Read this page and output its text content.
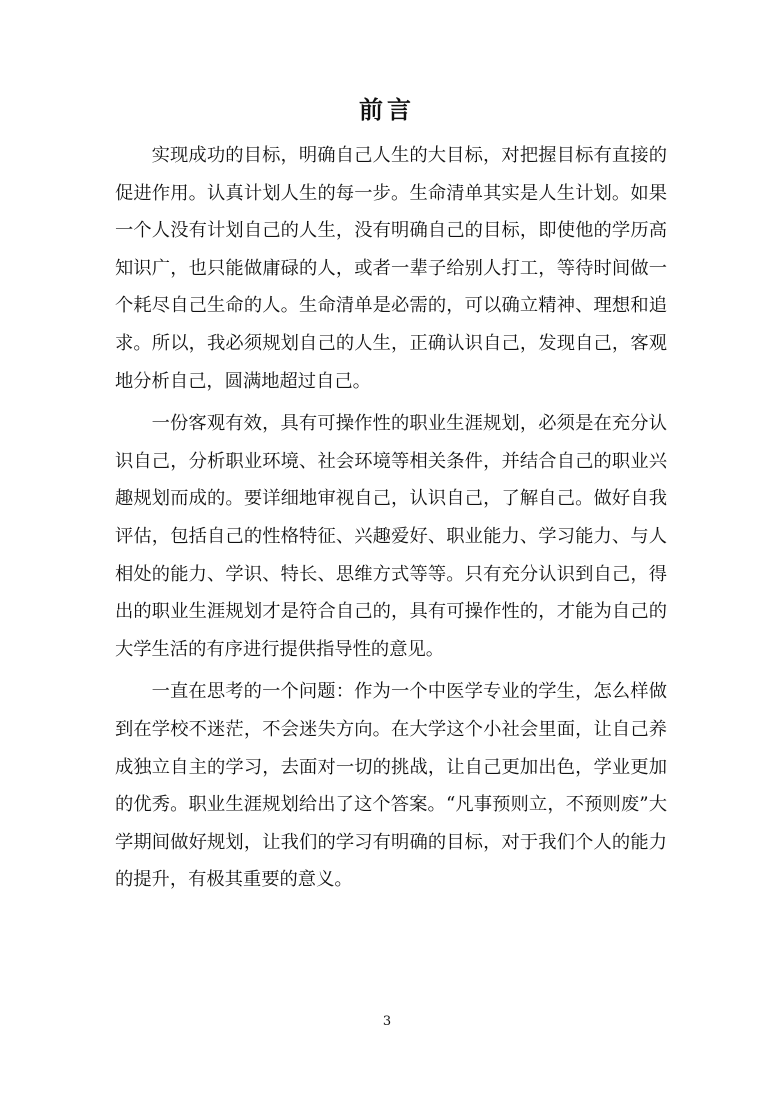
前言

实现成功的目标，明确自己人生的大目标，对把握目标有直接的促进作用。认真计划人生的每一步。生命清单其实是人生计划。如果一个人没有计划自己的人生，没有明确自己的目标，即使他的学历高知识广，也只能做庸碌的人，或者一辈子给别人打工，等待时间做一个耗尽自己生命的人。生命清单是必需的，可以确立精神、理想和追求。所以，我必须规划自己的人生，正确认识自己，发现自己，客观地分析自己，圆满地超过自己。

一份客观有效，具有可操作性的职业生涯规划，必须是在充分认识自己，分析职业环境、社会环境等相关条件，并结合自己的职业兴趣规划而成的。要详细地审视自己，认识自己，了解自己。做好自我评估，包括自己的性格特征、兴趣爱好、职业能力、学习能力、与人相处的能力、学识、特长、思维方式等等。只有充分认识到自己，得出的职业生涯规划才是符合自己的，具有可操作性的，才能为自己的大学生活的有序进行提供指导性的意见。

一直在思考的一个问题：作为一个中医学专业的学生，怎么样做到在学校不迷茫，不会迷失方向。在大学这个小社会里面，让自己养成独立自主的学习，去面对一切的挑战，让自己更加出色，学业更加的优秀。职业生涯规划给出了这个答案。“凡事预则立，不预则废”大学期间做好规划，让我们的学习有明确的目标，对于我们个人的能力的提升，有极其重要的意义。

3
